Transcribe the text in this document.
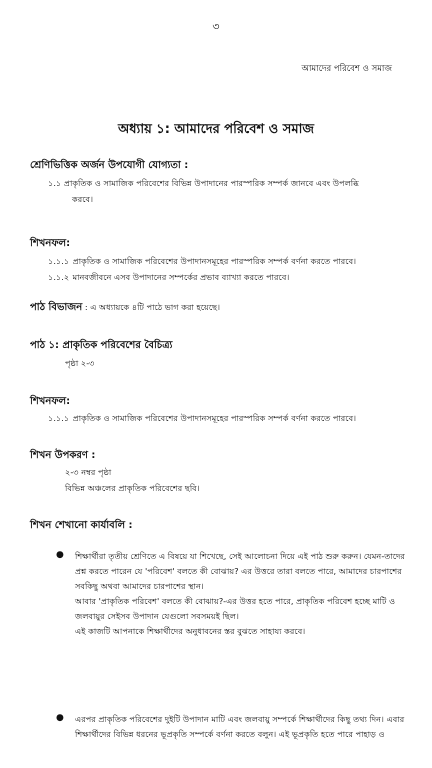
৩
আমাদের পরিবেশ ও সমাজ
অধ্যায় ১: আমাদের পরিবেশ ও সমাজ
শ্রেণিভিত্তিক অর্জন উপযোগী যোগ্যতা :
১.১ প্রাকৃতিক ও সামাজিক পরিবেশের বিভিন্ন উপাদানের পারস্পরিক সম্পর্ক জানবে এবং উপলব্ধি
করবে।
শিখনফল:
১.১.১ প্রাকৃতিক ও সামাজিক পরিবেশের উপাদানসমূহের পারস্পরিক সম্পর্ক বর্ণনা করতে পারবে।
১.১.২ মানবজীবনে এসব উপাদানের সম্পর্কের প্রভাব ব্যাখ্যা করতে পারবে।
পাঠ বিভাজন : এ অধ্যায়কে ৪টি পাঠে ভাগ করা হয়েছে।
পাঠ ১: প্রাকৃতিক পরিবেশের বৈচিত্র্য
পৃষ্ঠা ২-৩
শিখনফল:
১.১.১ প্রাকৃতিক ও সামাজিক পরিবেশের উপাদানসমূহের পারস্পরিক সম্পর্ক বর্ণনা করতে পারবে।
শিখন উপকরণ :
২-৩ নম্বর পৃষ্ঠা
বিভিন্ন অঞ্চলের প্রাকৃতিক পরিবেশের ছবি।
শিখন শেখানো কার্যাবলি :
● শিক্ষার্থীরা তৃতীয় শ্রেণিতে এ বিষয়ে যা শিখেছে, সেই আলোচনা দিয়ে এই পাঠ শুরু করুন। যেমন-তাদের
প্রশ্ন করতে পারেন যে 'পরিবেশ' বলতে কী বোঝায়? এর উত্তরে তারা বলতে পারে, আমাদের চারপাশের
সবকিছু অথবা আমাদের চারপাশের স্থান।
আবার 'প্রাকৃতিক পরিবেশ' বলতে কী বোঝায়?-এর উত্তর হতে পারে, প্রাকৃতিক পরিবেশ হচ্ছে মাটি ও
জলবায়ুর সেইসব উপাদান যেগুলো সবসময়ই ছিল।
এই কাজটি আপনাকে শিক্ষার্থীদের অনুধাবনের স্তর বুঝতে সাহায্য করবে।
● এরপর প্রাকৃতিক পরিবেশের দুইটি উপাদান মাটি এবং জলবায়ু সম্পর্কে শিক্ষার্থীদের কিছু তথ্য দিন। এবার
শিক্ষার্থীদের বিভিন্ন ধরনের ভূপ্রকৃতি সম্পর্কে বর্ণনা করতে বলুন। এই ভূপ্রকৃতি হতে পারে পাহাড় ও
